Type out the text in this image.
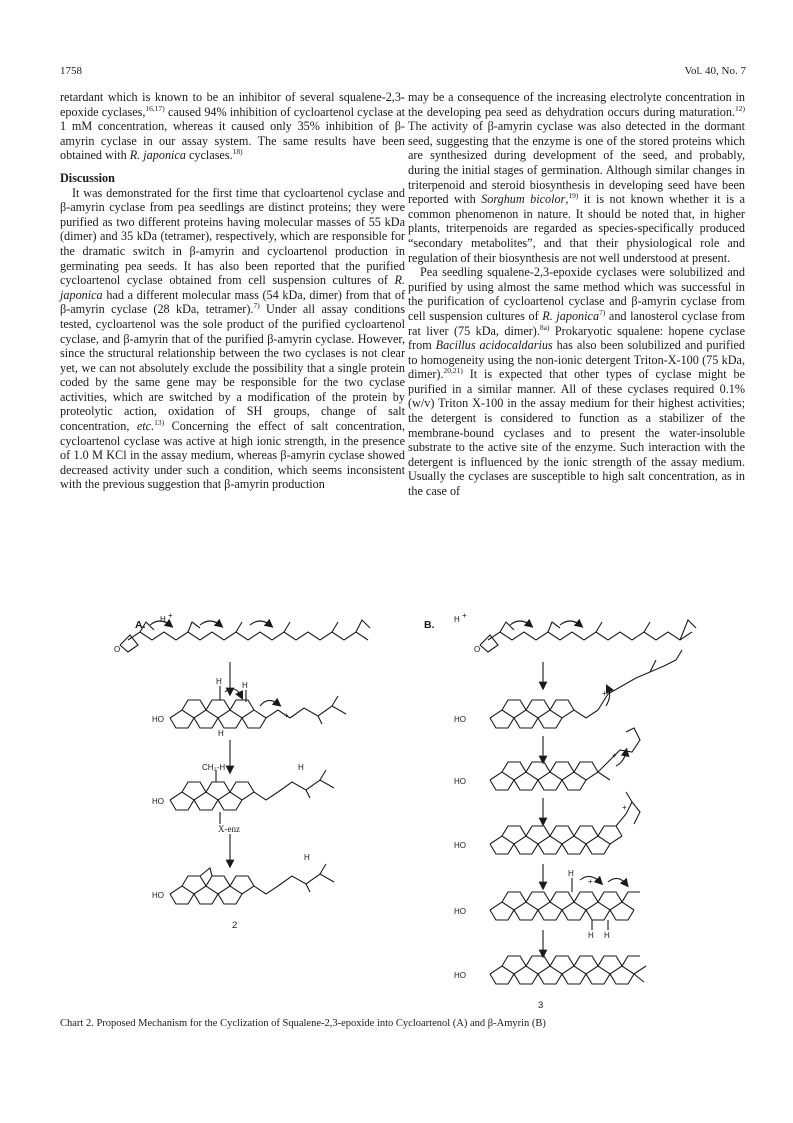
1758	Vol. 40, No. 7

retardant which is known to be an inhibitor of several squalene-2,3-epoxide cyclases,$^{16,17)}$ caused 94% inhibition of cycloartenol cyclase at 1 mM concentration, whereas it caused only 35% inhibition of β-amyrin cyclase in our assay system. The same results have been obtained with R. japonica cyclases.$^{18)}$

Discussion

It was demonstrated for the first time that cycloartenol cyclase and β-amyrin cyclase from pea seedlings are distinct proteins; they were purified as two different proteins having molecular masses of 55 kDa (dimer) and 35 kDa (tetramer), respectively, which are responsible for the dramatic switch in β-amyrin and cycloartenol production in germinating pea seeds. It has also been reported that the purified cycloartenol cyclase obtained from cell suspension cultures of R. japonica had a different molecular mass (54 kDa, dimer) from that of β-amyrin cyclase (28 kDa, tetramer).$^{7)}$ Under all assay conditions tested, cycloartenol was the sole product of the purified cycloartenol cyclase, and β-amyrin that of the purified β-amyrin cyclase. However, since the structural relationship between the two cyclases is not clear yet, we can not absolutely exclude the possibility that a single protein coded by the same gene may be responsible for the two cyclase activities, which are switched by a modification of the protein by proteolytic action, oxidation of SH groups, change of salt concentration, etc.$^{13)}$ Concerning the effect of salt concentration, cycloartenol cyclase was active at high ionic strength, in the presence of 1.0 M KCl in the assay medium, whereas β-amyrin cyclase showed decreased activity under such a condition, which seems inconsistent with the previous suggestion that β-amyrin production

may be a consequence of the increasing electrolyte concentration in the developing pea seed as dehydration occurs during maturation.$^{12)}$ The activity of β-amyrin cyclase was also detected in the dormant seed, suggesting that the enzyme is one of the stored proteins which are synthesized during development of the seed, and probably, during the initial stages of germination. Although similar changes in triterpenoid and steroid biosynthesis in developing seed have been reported with Sorghum bicolor,$^{19)}$ it is not known whether it is a common phenomenon in nature. It should be noted that, in higher plants, triterpenoids are regarded as species-specifically produced “secondary metabolites”, and that their physiological role and regulation of their biosynthesis are not well understood at present.

Pea seedling squalene-2,3-epoxide cyclases were solubilized and purified by using almost the same method which was successful in the purification of cycloartenol cyclase and β-amyrin cyclase from cell suspension cultures of R. japonica$^{7)}$ and lanosterol cyclase from rat liver (75 kDa, dimer).$^{8a)}$ Prokaryotic squalene: hopene cyclase from Bacillus acidocaldarius has also been solubilized and purified to homogeneity using the non-ionic detergent Triton-X-100 (75 kDa, dimer).$^{20,21)}$ It is expected that other types of cyclase might be purified in a similar manner. All of these cyclases required 0.1% (w/v) Triton X-100 in the assay medium for their highest activities; the detergent is considered to function as a stabilizer of the membrane-bound cyclases and to present the water-insoluble substrate to the active site of the enzyme. Such interaction with the detergent is influenced by the ionic strength of the assay medium. Usually the cyclases are susceptible to high salt concentration, as in the case of

A. H +
O
HO
H	H
+
H
H
CH₂-H
HO
X-enz
H
HO
2
B. H +
O
HO
+
HO
+
HO
+
HO
H
+
H H
HO
3
Chart 2. Proposed Mechanism for the Cyclization of Squalene-2,3-epoxide into Cycloartenol (A) and β-Amyrin (B)
